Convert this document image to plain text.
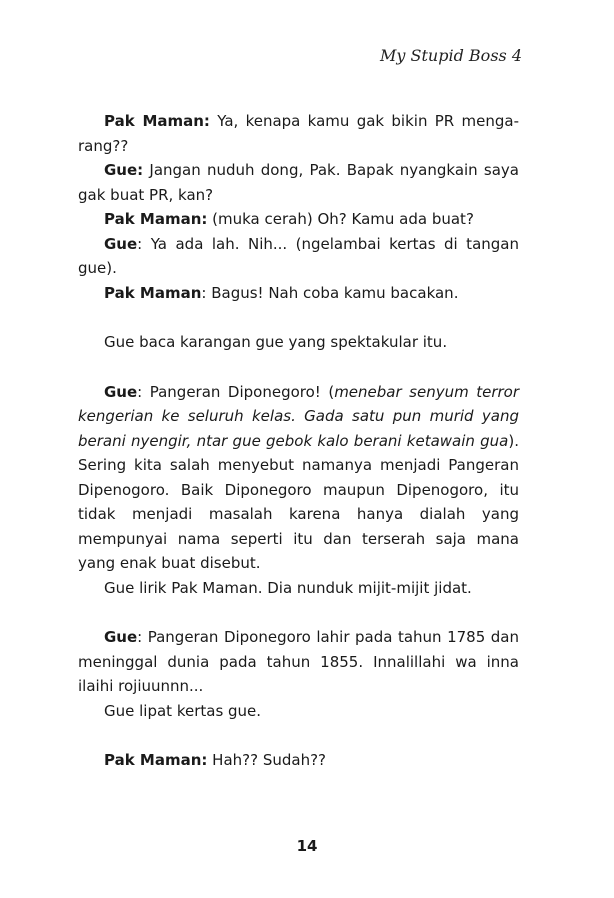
My Stupid Boss 4

Pak Maman: Ya, kenapa kamu gak bikin PR menga-rang??

Gue: Jangan nuduh dong, Pak. Bapak nyangkain saya gak buat PR, kan?

Pak Maman: (muka cerah) Oh? Kamu ada buat?

Gue: Ya ada lah. Nih... (ngelambai kertas di tangan gue).

Pak Maman: Bagus! Nah coba kamu bacakan.

Gue baca karangan gue yang spektakular itu.

Gue: Pangeran Diponegoro! (menebar senyum terror kengerian ke seluruh kelas. Gada satu pun murid yang berani nyengir, ntar gue gebok kalo berani ketawain gua). Sering kita salah menyebut namanya menjadi Pangeran Dipenogoro. Baik Diponegoro maupun Dipenogoro, itu tidak menjadi masalah karena hanya dialah yang mempunyai nama seperti itu dan terserah saja mana yang enak buat disebut.

Gue lirik Pak Maman. Dia nunduk mijit-mijit jidat.

Gue: Pangeran Diponegoro lahir pada tahun 1785 dan meninggal dunia pada tahun 1855. Innalillahi wa inna ilaihi rojiuunnn...

Gue lipat kertas gue.

Pak Maman: Hah?? Sudah??

14
